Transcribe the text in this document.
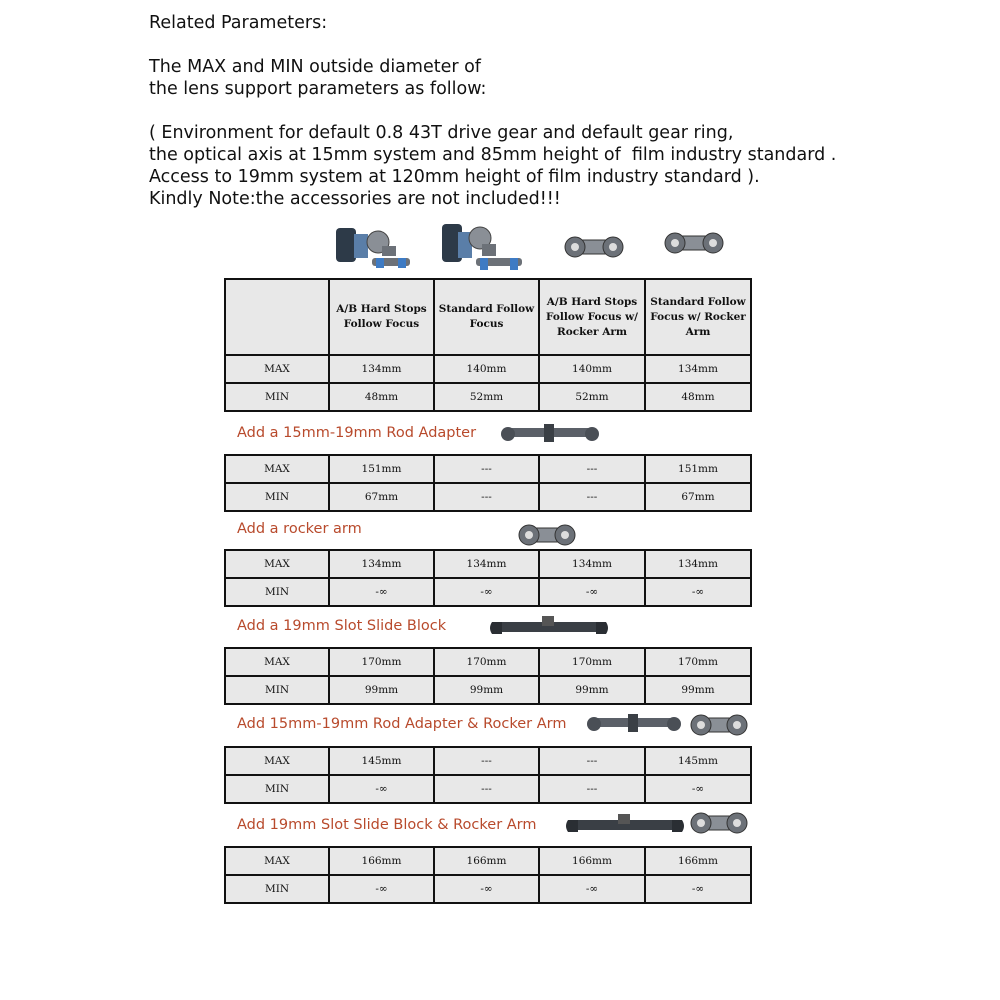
Related Parameters:

The MAX and MIN outside diameter of

the lens support parameters as follow:

( Environment for default 0.8 43T drive gear and default gear ring,

the optical axis at 15mm system and 85mm height of  film industry standard .

Access to 19mm system at 120mm height of film industry standard ).

Kindly Note:the accessories are not included!!!

	A/B Hard Stops Follow Focus	Standard Follow Focus	A/B Hard Stops Follow Focus w/ Rocker Arm	Standard Follow Focus w/ Rocker Arm
MAX	134mm	140mm	140mm	134mm
MIN	48mm	52mm	52mm	48mm
Add a 15mm-19mm Rod Adapter
MAX	151mm	---	---	151mm
MIN	67mm	---	---	67mm
Add a rocker arm
MAX	134mm	134mm	134mm	134mm
MIN	-∞	-∞	-∞	-∞
Add a 19mm Slot Slide Block
MAX	170mm	170mm	170mm	170mm
MIN	99mm	99mm	99mm	99mm
Add 15mm-19mm Rod Adapter & Rocker Arm
MAX	145mm	---	---	145mm
MIN	-∞	---	---	-∞
Add 19mm Slot Slide Block & Rocker Arm
MAX	166mm	166mm	166mm	166mm
MIN	-∞	-∞	-∞	-∞
